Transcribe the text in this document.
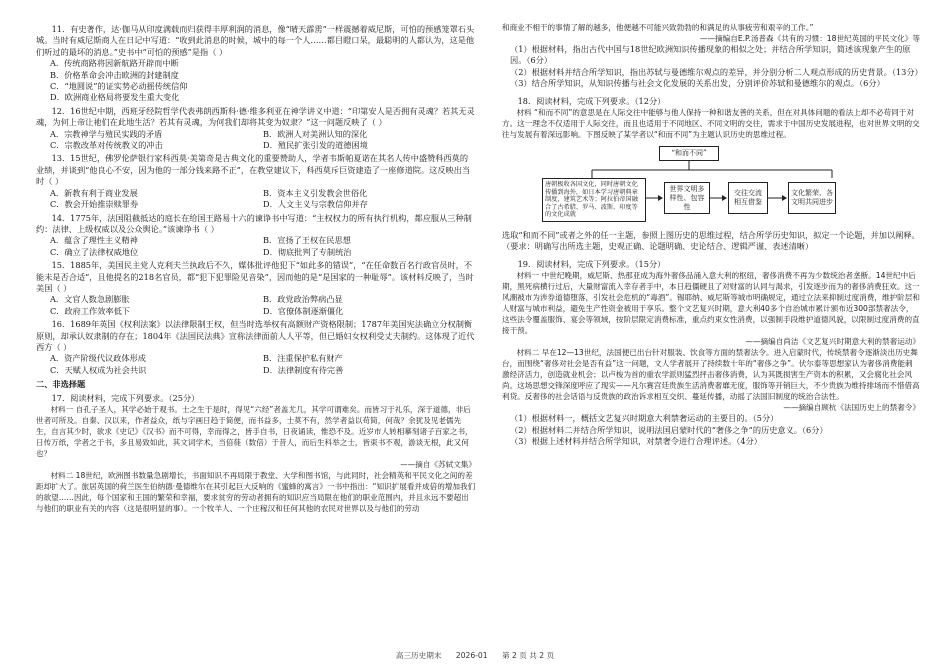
11．有史著作，达·伽马从印度满载而归获得丰厚利润的消息，像“晴天霹雳”一样震撼着威尼斯，可怕的预感笼罩石头城。当时有威尼斯商人在日记中写道：“收到此消息的时候，城中的每一个人……都目瞪口呆，最聪明的人都认为，这是他们听过的最坏的消息。”史书中“可怕的预感”是指（ ）

A．传统商路将因新航路开辟而中断

B．价格革命会冲击欧洲的封建制度

C．“地圆说”的证实势必动摇传统信仰

D．欧洲商业格局将要发生重大变化

12．16世纪中期，西班牙经院哲学代表弗朗西斯科·德·维多利亚在神学讲义中道：“印第安人是否拥有灵魂？若其无灵魂，为何上帝让祂们在此地生活？若其有灵魂，为何我们却将其变为奴隶？”这一问题反映了（ ）

A．宗教神学与殖民实践的矛盾	B．欧洲人对美洲认知的深化

C．宗教改革对传统教义的冲击	D．殖民扩张引发的道德困境

13．15世纪，佛罗伦萨银行家科西莫·美第奇是古典文化的重要赞助人，学者韦斯帕夏诺在其名人传中盛赞科西莫的业绩，并谈到“他良心不安，因为他的一部分钱来路不正”，在教堂建议下，科西莫斥巨资建造了一座修道院。这反映出当时（ ）

A．新教有利于商业发展	B．资本主义引发教会世俗化

C．教会开始推崇赎罪券	D．人文主义与宗教信仰并存

14．1775年，法国阻截抵达的庭长在给国王路易十六的谏诤书中写道：“主权权力的所有执行机构，都应服从三种制约：法律、上级权威以及公众舆论。”该谏诤书（ ）

A．蕴含了理性主义精神	B．宣扬了王权在民思想

C．确立了法律权威地位	D．彻底批判了专制统治

15．1885年，美国民主党人克利夫兰执政后不久，媒体批评他犯下“如此多的错误”，“在任命数百名行政官员时，不能未是否合适”，且他提名的218名官员，都“犯下犯罪险见音染”，因而他的是“是国家的一种耻辱”。该材料反映了，当时美国（ ）

A．文官人数急剧膨胀	B．政党政治弊病凸显

C．政府工作效率低下	D．官僚体制逐渐僵化

16．1689年英国《权利法案》以法律限制王权，但当时选举权有高额财产资格限制；1787年美国宪法确立分权制衡原则，却承认奴隶制的存在；1804年《法国民法典》宣称法律面前人人平等，但已婚妇女权利受丈夫制约。这体现了近代西方（ ）

A．资产阶级代议政体形成	B．注重保护私有财产

C．天赋人权成为社会共识	D．法律制度有待完善

二、非选择题

17．阅读材料，完成下列要求。（25分）

材料一 自孔子圣人，其学必始于观书。士之生于是时，得见“六经”者盖尤几，其学可谓难矣。而皆习于礼乐，深于道德，非后世者可所及。自秦、汉以来，作者益众，纸与字画日趋于简便，而书益多，士莫不有，然学者益以苟简，何哉？余犹及见老儒先生，自言其少时，欲求《史记》《汉书》而不可得，幸而得之，皆手自书，日夜诵读，惟恐不及。近岁市人转相摹刻诸子百家之书，日传万纸，学者之于书，多且易致如此，其文词学术，当倍蓰（数倍）于昔人，而后生科举之士，皆束书不观，游谈无根，此又何也？

——摘自《苏轼文集》

材料二 18世纪，欧洲图书数量急剧增长，书面知识不再局限于教堂、大学和图书馆，与此同时，社会精英和平民文化之间的差距却扩大了。旅居英国的荷兰医生伯纳德·曼德维尔在其引起巨大反响的《蜜蜂的寓言》一书中指出：“知识扩展看并成倍的增加我们的欲望……因此，每个国家和王国的繁荣和幸福，要求贫穷的劳动者拥有的知识应当局限在他们的职业范围内，并且永远不要超出与他们的职业有关的内容（这是很明显的事）。一个牧羊人、一个庄稼汉和任何其他的农民对世界以及与他们的劳动

和商业不相干的事情了解的越多，他便越不可能兴致勃勃的和满足的从事疲劳和艰辛的工作。”

——摘编自E.P.汤普森《共有的习惯：18世纪英国的平民文化》等

（1）根据材料，指出古代中国与18世纪欧洲知识传播现象的相似之处；并结合所学知识，简述该现象产生的原因。（6分）

（2）根据材料并结合所学知识，指出苏轼与曼德维尔观点的差异，并分别分析二人观点形成的历史背景。（13分）

（3）结合所学知识，从知识传播与社会文化发展的关系出发，分别评价苏轼和曼德维尔的观点。（6分）

18．阅读材料，完成下列要求。（12分）

材料 “和而不同”的意思是在人际交往中能够与他人保持一种和谐友善的关系，但在对具体问题的看法上却不必苟同于对方。这一理念不仅适用于人际交往，而且也适用于不同地区、不同文明的交往，需求于中国历史发展进程，也对世界文明的交往与发展有着深远影响。下图反映了某学者以“和而不同”为主题认识历史的思维过程。

“和而不同”
唐朝极收各国文化，同时唐朝文化传播到海外，如日本学习唐朝典章制度，建筑艺术等；阿拉伯帝国融合了古希腊、罗马、波斯、印度等的文化成就
世界文明多样性、包容性
交往交流相互借鉴
文化繁荣、各文明共同进步

选取“和而不同”或者之外的任一主题，参照上图历史的思维过程，结合所学历史知识，拟定一个论题，并加以阐释。（要求：明确写出所选主题，史观正确、论题明确、史论结合、逻辑严谨、表述清晰）

19．阅读材料，完成下列要求。（15分）

材料一 中世纪晚期，威尼斯、热那亚成为海外奢侈品涌入意大利的枢纽，奢侈消费不再为少数统治者垄断。14世纪中后期，黑死病横行过后，大量财富流入幸存者手中，本日趋僵硬且了对财富的认同与渴求，引发逐步而为的奢侈消费狂欢。这一风潮被市为涉券道德堕落，引发社会危机的“毒酒”。锡耶纳、威尼斯等城市明确规定，通过立法来抑制过度消费，维护阶层和人财富与城市利益，避免生产性资金被用于享乐。整个文艺复兴时期，意大利40多个自治城市累计颁布近300部禁奢法令，这些法令覆盖服饰、宴会等领域，按阶层限定消费标准，重点约束女性消费，以强制手段维护道德风貌，以限制过度消费的直接干预。

——摘编自尚洁《文艺复兴时期意大利的禁奢运动》

材料二 早在12—13世纪，法国便已出台针对服装、饮食等方面的禁奢法令。进入启蒙时代，传统禁奢令逐渐淡出历史舞台，而围绕“奢侈对社会是否有益”这一问题，文人学者展开了持续数十年的“奢侈之争”。伏尔泰等思想家认为奢侈消费能刺激经济活力，创造就业机会；以卢梭为首的重农学派则猛烈抨击奢侈消费，认为其既损害生产资本的积累，又会腐化社会风尚。这场思想交锋深度呼应了现实——凡尔赛宫廷贵族生活消费奢靡无度，服饰等开销巨大，不少贵族为维持排场而不惜借高利贷。反奢侈的社会话语与反贵族的政治诉求相互交织、蔓延传播，动摇了法国旧制度的统治合法性。

——摘编自顾杭《法国历史上的禁奢令》

（1）根据材料一，概括文艺复兴时期意大利禁奢运动的主要目的。（5分）

（2）根据材料二并结合所学知识，说明法国启蒙时代的“奢侈之争”的历史意义。（6分）

（3）根据上述材料并结合所学知识，对禁奢令进行合理评述。（4分）

高三历史期末 2026-01 第 2 页 共 2 页
